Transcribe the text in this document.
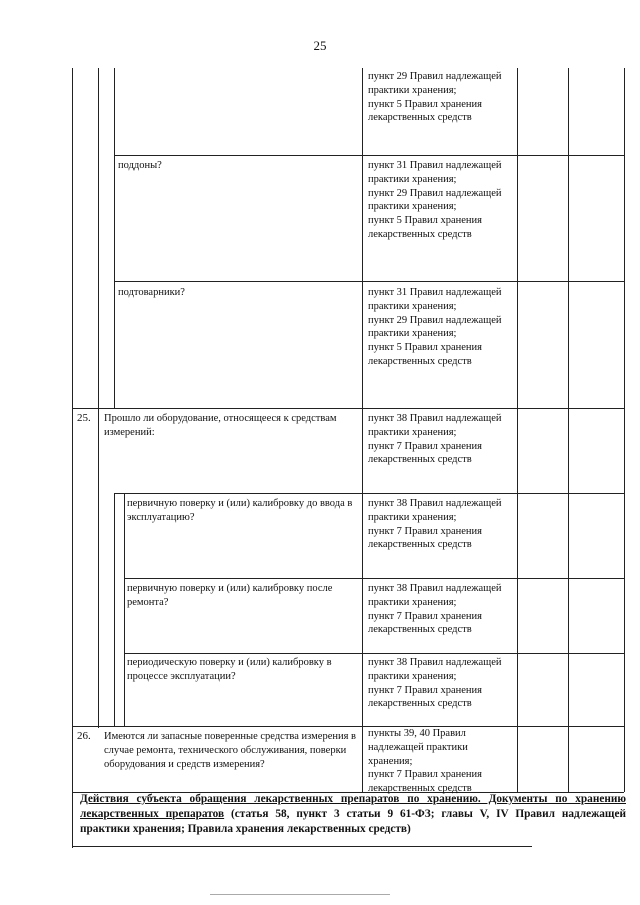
25
пункт 29 Правил надлежащей практики хранения;
пункт 5 Правил хранения лекарственных средств
поддоны?	пункт 31 Правил надлежащей
практики хранения;
пункт 29 Правил надлежащей практики хранения;
пункт 5 Правил хранения лекарственных средств
подтоварники?	пункт 31 Правил надлежащей
практики хранения;
пункт 29 Правил надлежащей практики хранения;
пункт 5 Правил хранения лекарственных средств
25. Прошло ли оборудование, относящееся к средствам измерений:
пункт 38 Правил надлежащей практики хранения;
пункт 7 Правил хранения лекарственных средств
первичную поверку и (или) калибровку до ввода в эксплуатацию?
пункт 38 Правил надлежащей практики хранения;
пункт 7 Правил хранения лекарственных средств
первичную поверку и (или) калибровку после ремонта?
пункт 38 Правил надлежащей практики хранения;
пункт 7 Правил хранения лекарственных средств
периодическую поверку и (или) калибровку в процессе эксплуатации?
пункт 38 Правил надлежащей практики хранения;
пункт 7 Правил хранения лекарственных средств
26. Имеются ли запасные поверенные средства измерения в случае ремонта, технического обслуживания, поверки оборудования и средств измерения?
пункты 39, 40 Правил надлежащей практики хранения;
пункт 7 Правил хранения лекарственных средств
Действия субъекта обращения лекарственных препаратов по хранению. Документы по хранению лекарственных препаратов (статья 58, пункт 3 статьи 9 61-ФЗ; главы V, IV Правил надлежащей практики хранения; Правила хранения лекарственных средств)
